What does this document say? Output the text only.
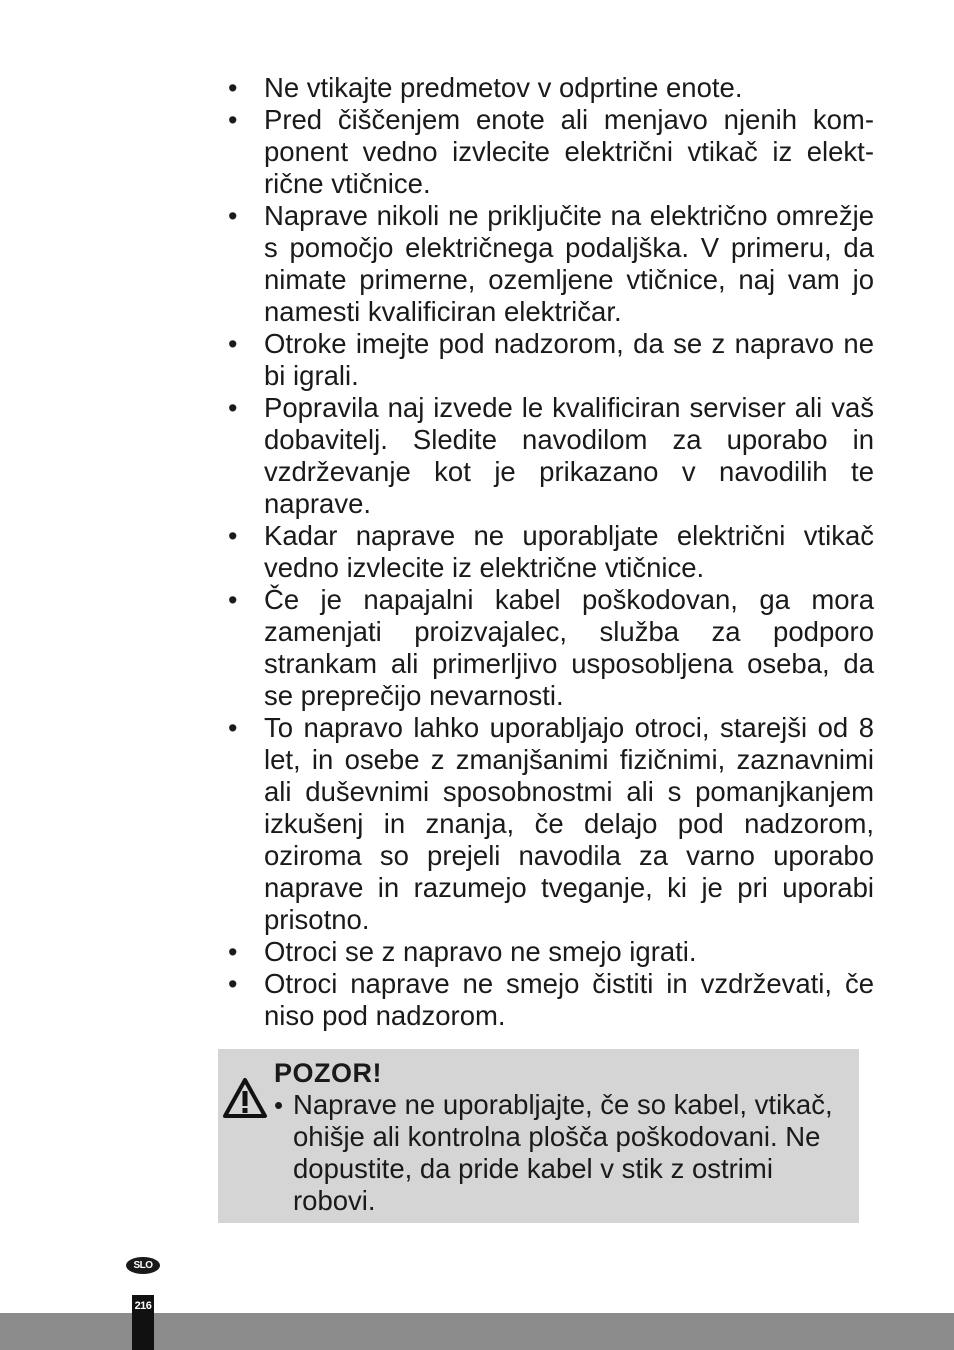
• Ne vtikajte predmetov v odprtine enote.
• Pred čiščenjem enote ali menjavo njenih komponent vedno izvlecite električni vtikač iz električne vtičnice.
• Naprave nikoli ne priključite na električno omrežje s pomočjo električnega podaljška. V primeru, da nimate primerne, ozemljene vtičnice, naj vam jo namesti kvalificiran električar.
• Otroke imejte pod nadzorom, da se z napravo ne bi igrali.
• Popravila naj izvede le kvalificiran serviser ali vaš dobavitelj. Sledite navodilom za uporabo in vzdrževanje kot je prikazano v navodilih te naprave.
• Kadar naprave ne uporabljate električni vtikač vedno izvlecite iz električne vtičnice.
• Če je napajalni kabel poškodovan, ga mora zamenjati proizvajalec, služba za podporo strankam ali primerljivo usposobljena oseba, da se preprečijo nevarnosti.
• To napravo lahko uporabljajo otroci, starejši od 8 let, in osebe z zmanjšanimi fizičnimi, zaznavnimi ali duševnimi sposobnostmi ali s pomanjkanjem izkušenj in znanja, če delajo pod nadzorom, oziroma so prejeli navodila za varno uporabo naprave in razumejo tveganje, ki je pri uporabi prisotno.
• Otroci se z napravo ne smejo igrati.
• Otroci naprave ne smejo čistiti in vzdrževati, če niso pod nadzorom.
POZOR!
• Naprave ne uporabljajte, če so kabel, vtikač, ohišje ali kontrolna plošča poškodovani. Ne dopustite, da pride kabel v stik z ostrimi robovi.
SLO
216
